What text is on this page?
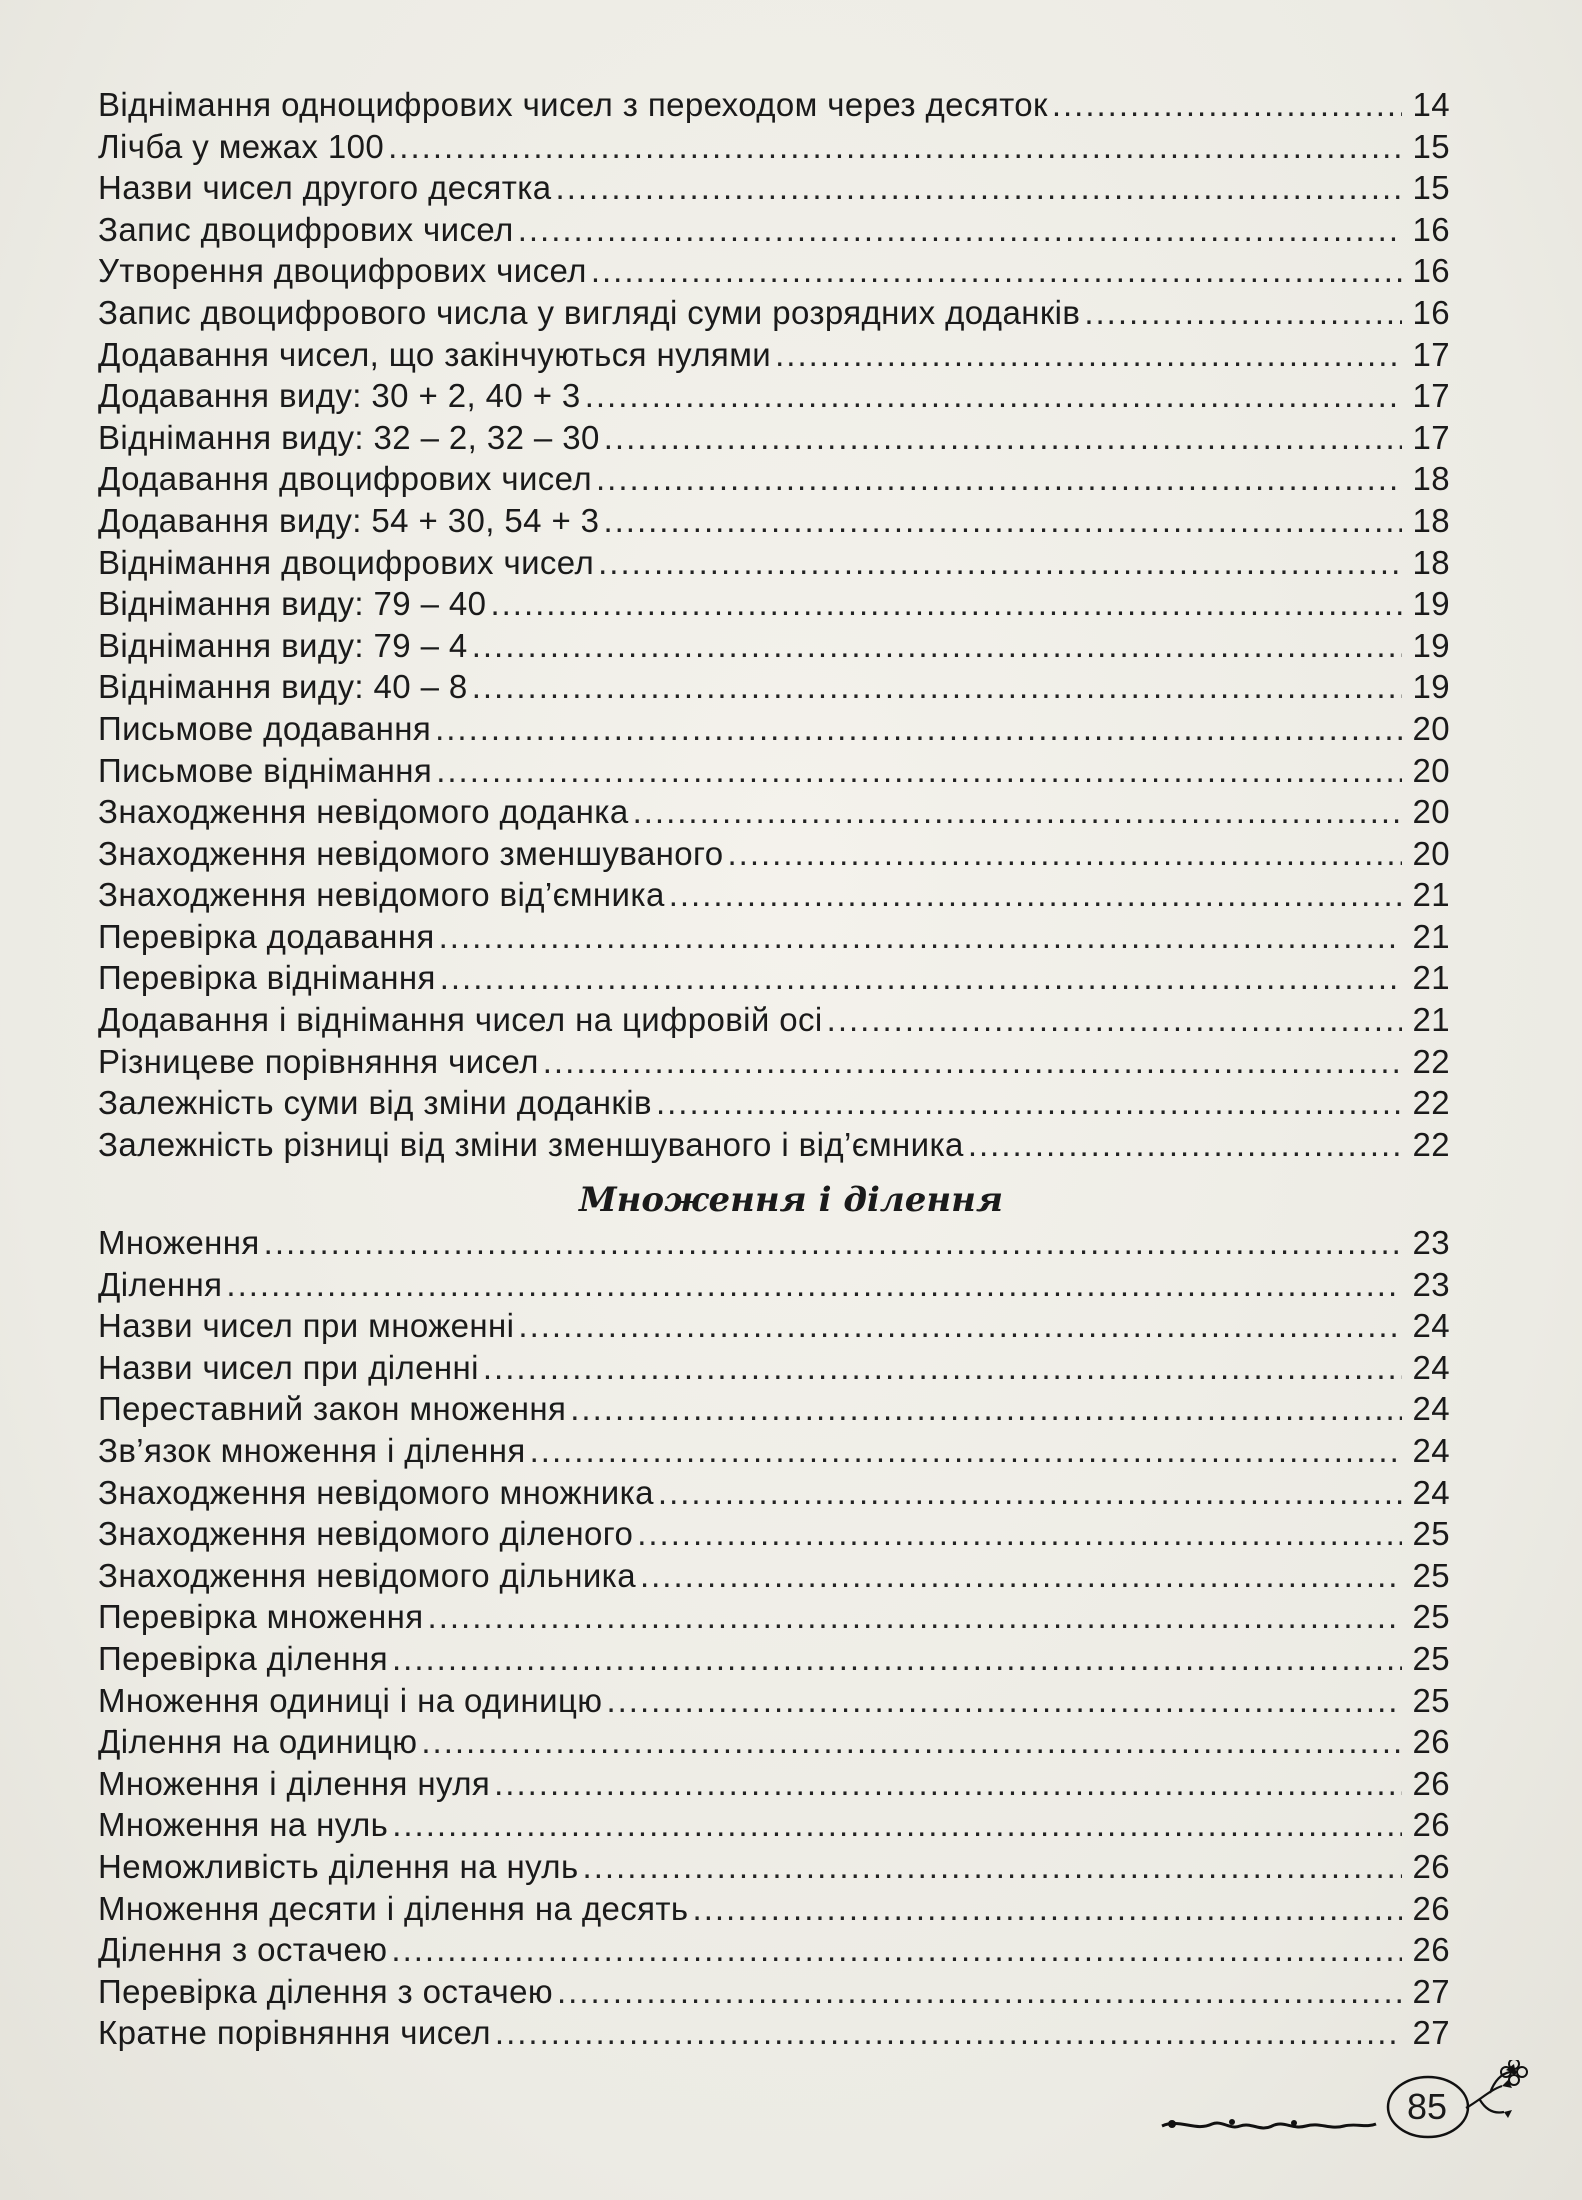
Віднімання одноцифрових чисел з переходом через десяток .....	14
Лічба у межах 100 .....	15
Назви чисел другого десятка .....	15
Запис двоцифрових чисел .....	16
Утворення двоцифрових чисел .....	16
Запис двоцифрового числа у вигляді суми розрядних доданків .....	16
Додавання чисел, що закінчуються нулями .....	17
Додавання виду: 30 + 2, 40 + 3 .....	17
Віднімання виду: 32 – 2, 32 – 30 .....	17
Додавання двоцифрових чисел .....	18
Додавання виду: 54 + 30, 54 + 3 .....	18
Віднімання двоцифрових чисел .....	18
Віднімання виду: 79 – 40 .....	19
Віднімання виду: 79 – 4 .....	19
Віднімання виду: 40 – 8 .....	19
Письмове додавання .....	20
Письмове віднімання .....	20
Знаходження невідомого доданка .....	20
Знаходження невідомого зменшуваного .....	20
Знаходження невідомого від’ємника .....	21
Перевірка додавання .....	21
Перевірка віднімання .....	21
Додавання і віднімання чисел на цифровій осі .....	21
Різницеве порівняння чисел .....	22
Залежність суми від зміни доданків .....	22
Залежність різниці від зміни зменшуваного і від’ємника .....	22
Множення і ділення
Множення .....	23
Ділення .....	23
Назви чисел при множенні .....	24
Назви чисел при діленні .....	24
Переставний закон множення .....	24
Зв’язок множення і ділення .....	24
Знаходження невідомого множника .....	24
Знаходження невідомого діленого .....	25
Знаходження невідомого дільника .....	25
Перевірка множення .....	25
Перевірка ділення .....	25
Множення одиниці і на одиницю .....	25
Ділення на одиницю .....	26
Множення і ділення нуля .....	26
Множення на нуль .....	26
Неможливість ділення на нуль .....	26
Множення десяти і ділення на десять .....	26
Ділення з остачею .....	26
Перевірка ділення з остачею .....	27
Кратне порівняння чисел .....	27
85
